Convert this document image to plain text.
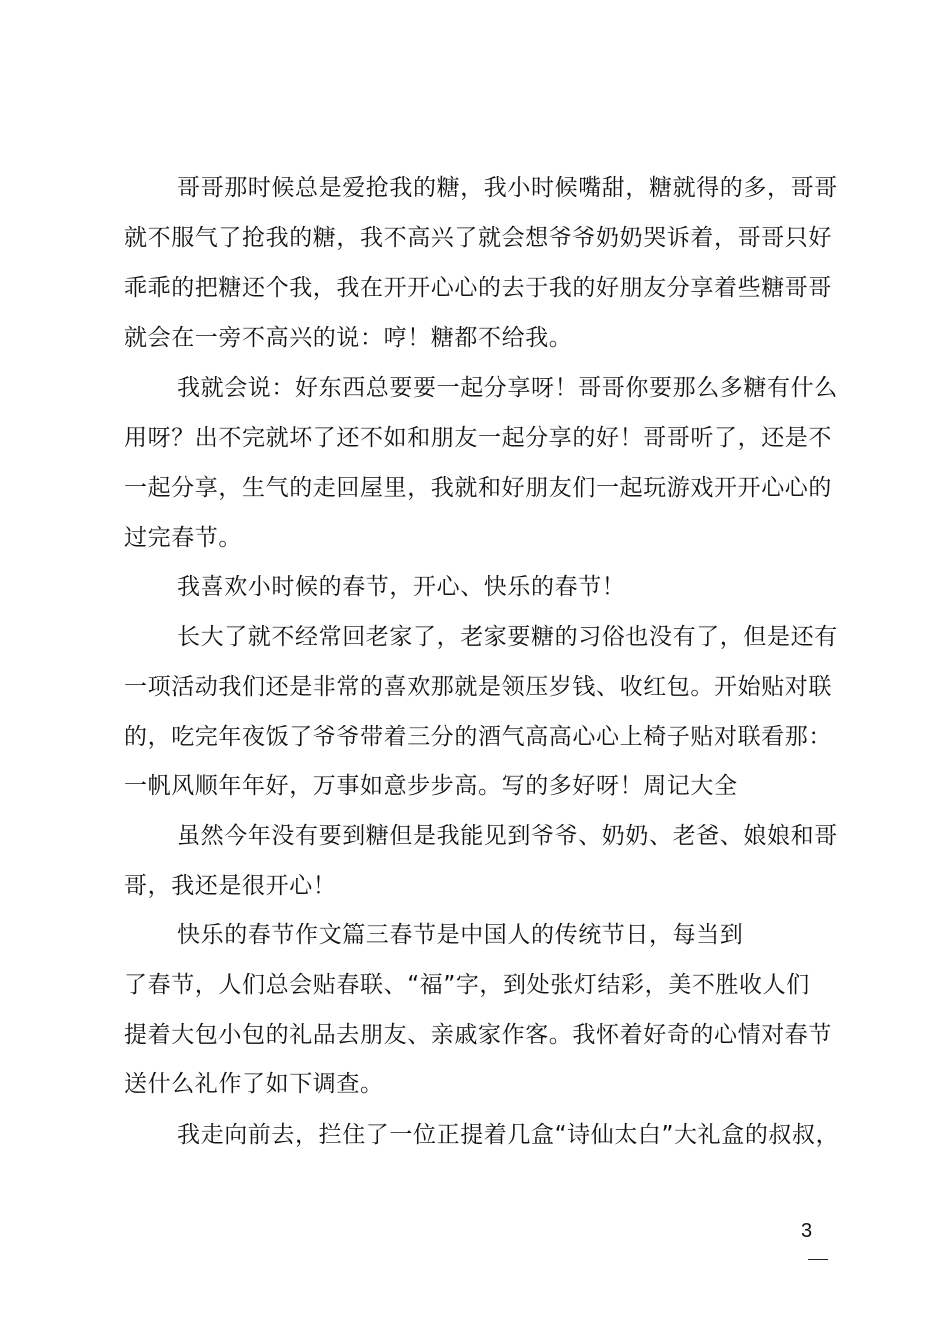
哥哥那时候总是爱抢我的糖，我小时候嘴甜，糖就得的多，哥哥
就不服气了抢我的糖，我不高兴了就会想爷爷奶奶哭诉着，哥哥只好
乖乖的把糖还个我，我在开开心心的去于我的好朋友分享着些糖哥哥
就会在一旁不高兴的说：哼！糖都不给我。
我就会说：好东西总要要一起分享呀！哥哥你要那么多糖有什么
用呀？出不完就坏了还不如和朋友一起分享的好！哥哥听了，还是不
一起分享，生气的走回屋里，我就和好朋友们一起玩游戏开开心心的
过完春节。
我喜欢小时候的春节，开心、快乐的春节！
长大了就不经常回老家了，老家要糖的习俗也没有了，但是还有
一项活动我们还是非常的喜欢那就是领压岁钱、收红包。开始贴对联
的，吃完年夜饭了爷爷带着三分的酒气高高心心上椅子贴对联看那：
一帆风顺年年好，万事如意步步高。写的多好呀！周记大全
虽然今年没有要到糖但是我能见到爷爷、奶奶、老爸、娘娘和哥
哥，我还是很开心！
快乐的春节作文篇三春节是中国人的传统节日，每当到
了春节，人们总会贴春联、“福”字，到处张灯结彩，美不胜收人们
提着大包小包的礼品去朋友、亲戚家作客。我怀着好奇的心情对春节
送什么礼作了如下调查。
我走向前去，拦住了一位正提着几盒“诗仙太白”大礼盒的叔叔，
3
